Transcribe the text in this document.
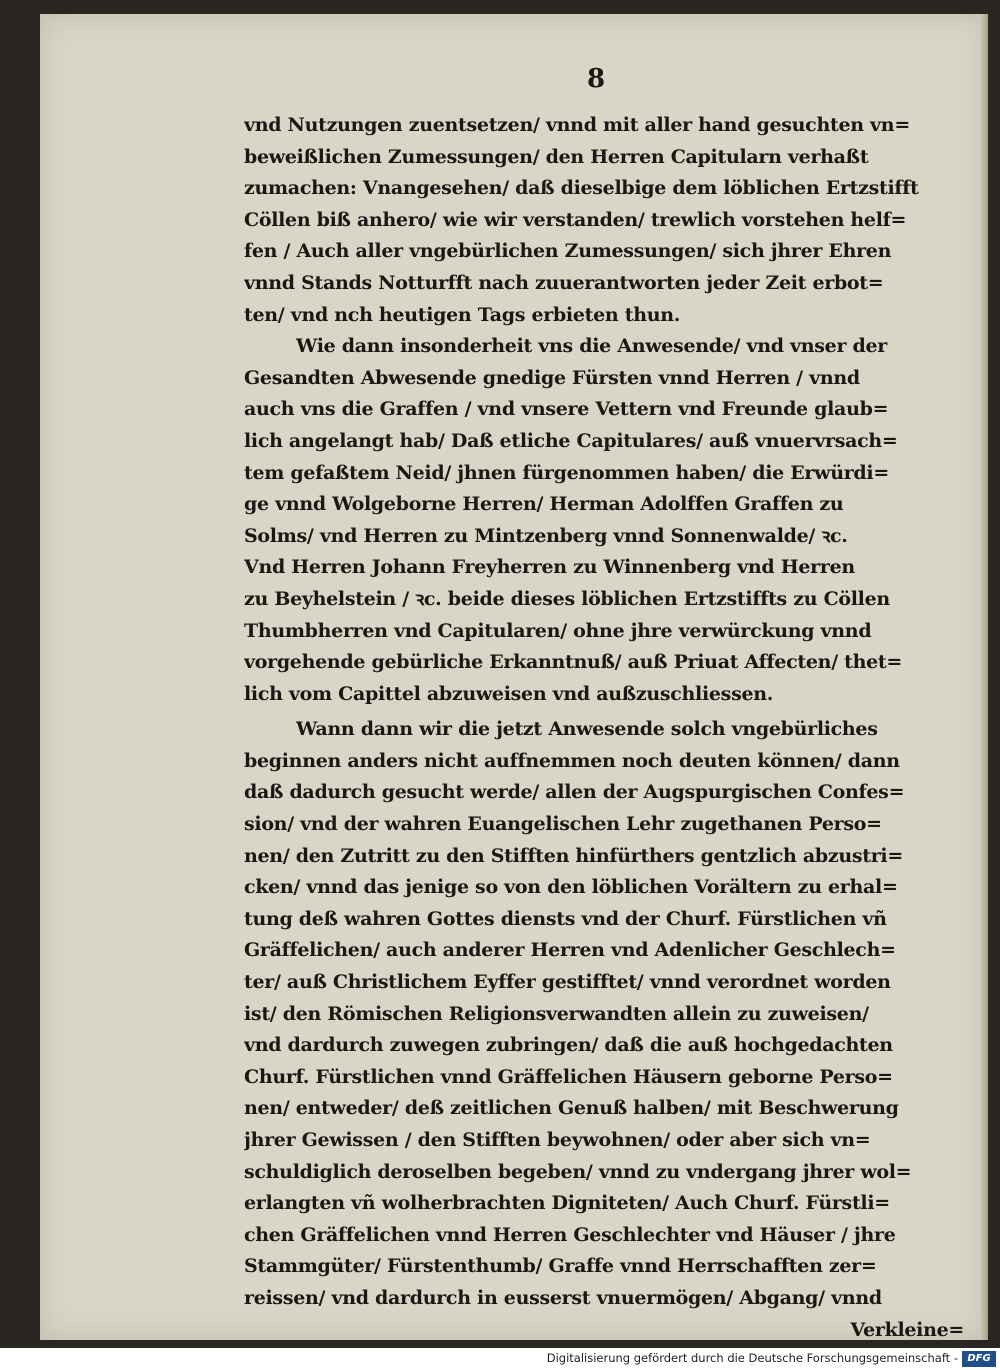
8
vnd Nutzungen zuentsetzen/ vnnd mit aller hand gesuchten vn=
beweißlichen Zumessungen/ den Herren Capitularn verhaßt
zumachen: Vnangesehen/ daß dieselbige dem löblichen Ertzstifft
Cöllen biß anhero/ wie wir verstanden/ trewlich vorstehen helf=
fen / Auch aller vngebürlichen Zumessungen/ sich jhrer Ehren
vnnd Stands Notturfft nach zuuerantworten jeder Zeit erbot=
ten/ vnd nch heutigen Tags erbieten thun.
Wie dann insonderheit vns die Anwesende/ vnd vnser der
Gesandten Abwesende gnedige Fürsten vnnd Herren / vnnd
auch vns die Graffen / vnd vnsere Vettern vnd Freunde glaub=
lich angelangt hab/ Daß etliche Capitulares/ auß vnuervrsach=
tem gefaßtem Neid/ jhnen fürgenommen haben/ die Erwürdi=
ge vnnd Wolgeborne Herren/ Herman Adolffen Graffen zu
Solms/ vnd Herren zu Mintzenberg vnnd Sonnenwalde/ ꝛc.
Vnd Herren Johann Freyherren zu Winnenberg vnd Herren
zu Beyhelstein / ꝛc. beide dieses löblichen Ertzstiffts zu Cöllen
Thumbherren vnd Capitularen/ ohne jhre verwürckung vnnd
vorgehende gebürliche Erkanntnuß/ auß Priuat Affecten/ thet=
lich vom Capittel abzuweisen vnd außzuschliessen.
Wann dann wir die jetzt Anwesende solch vngebürliches
beginnen anders nicht auffnemmen noch deuten können/ dann
daß dadurch gesucht werde/ allen der Augspurgischen Confes=
sion/ vnd der wahren Euangelischen Lehr zugethanen Perso=
nen/ den Zutritt zu den Stifften hinfürthers gentzlich abzustri=
cken/ vnnd das jenige so von den löblichen Vorältern zu erhal=
tung deß wahren Gottes diensts vnd der Churf. Fürstlichen vñ
Gräffelichen/ auch anderer Herren vnd Adenlicher Geschlech=
ter/ auß Christlichem Eyffer gestifftet/ vnnd verordnet worden
ist/ den Römischen Religionsverwandten allein zu zuweisen/
vnd dardurch zuwegen zubringen/ daß die auß hochgedachten
Churf. Fürstlichen vnnd Gräffelichen Häusern geborne Perso=
nen/ entweder/ deß zeitlichen Genuß halben/ mit Beschwerung
jhrer Gewissen / den Stifften beywohnen/ oder aber sich vn=
schuldiglich deroselben begeben/ vnnd zu vndergang jhrer wol=
erlangten vñ wolherbrachten Digniteten/ Auch Churf. Fürstli=
chen Gräffelichen vnnd Herren Geschlechter vnd Häuser / jhre
Stammgüter/ Fürstenthumb/ Graffe vnnd Herrschafften zer=
reissen/ vnd dardurch in eusserst vnuermögen/ Abgang/ vnnd
Verkleine=
Digitalisierung gefördert durch die Deutsche Forschungsgemeinschaft - DFG
